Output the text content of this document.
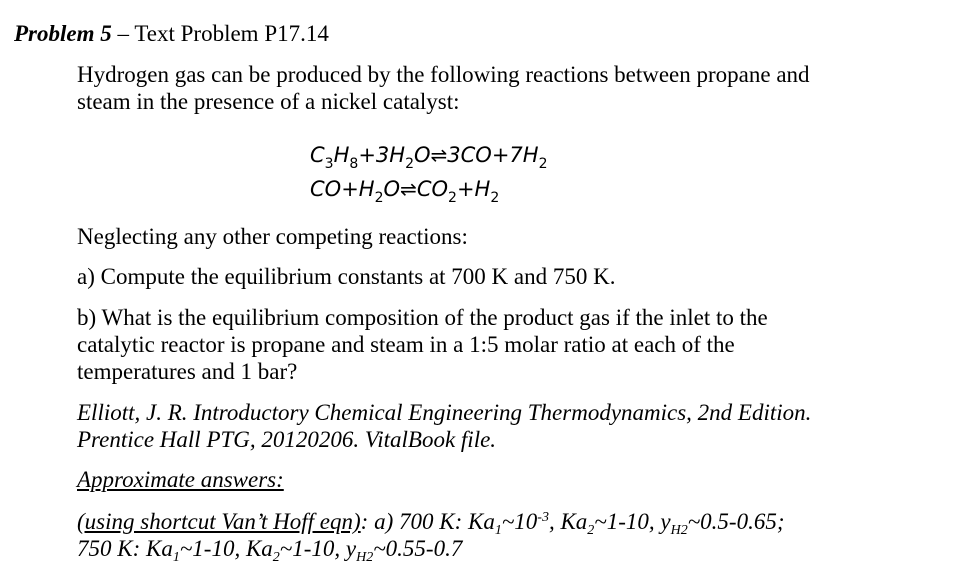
Problem 5 – Text Problem P17.14
Hydrogen gas can be produced by the following reactions between propane and
steam in the presence of a nickel catalyst:
$C_3H_8+3H_2O\rightleftharpoons 3CO+7H_2$
$CO+H_2O\rightleftharpoons CO_2+H_2$
Neglecting any other competing reactions:
a) Compute the equilibrium constants at 700 K and 750 K.
b) What is the equilibrium composition of the product gas if the inlet to the
catalytic reactor is propane and steam in a 1:5 molar ratio at each of the
temperatures and 1 bar?
Elliott, J. R. Introductory Chemical Engineering Thermodynamics, 2nd Edition.
Prentice Hall PTG, 20120206. VitalBook file.
Approximate answers:
(using shortcut Van’t Hoff eqn): a) 700 K: $Ka_1\sim 10^{-3}$, $Ka_2\sim 1-10$, $y_{H2}\sim 0.5-0.65$;
750 K: $Ka_1\sim 1-10$, $Ka_2\sim 1-10$, $y_{H2}\sim 0.55-0.7$
